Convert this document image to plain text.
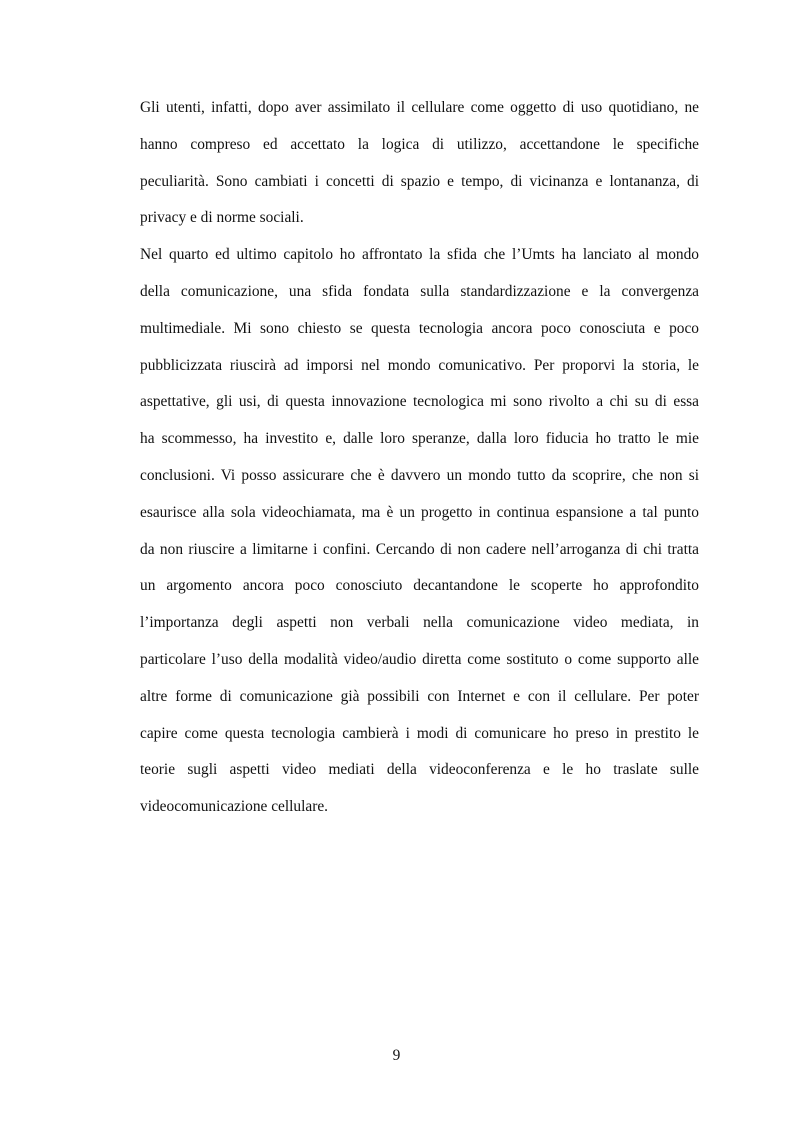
Gli utenti, infatti, dopo aver assimilato il cellulare come oggetto di uso quotidiano, ne
hanno compreso ed accettato la logica di utilizzo, accettandone le specifiche
peculiarità. Sono cambiati i concetti di spazio e tempo, di vicinanza e lontananza, di
privacy e di norme sociali.

Nel quarto ed ultimo capitolo ho affrontato la sfida che l’Umts ha lanciato al mondo
della comunicazione, una sfida fondata sulla standardizzazione e la convergenza
multimediale. Mi sono chiesto se questa tecnologia ancora poco conosciuta e poco
pubblicizzata riuscirà ad imporsi nel mondo comunicativo. Per proporvi la storia, le
aspettative, gli usi, di questa innovazione tecnologica mi sono rivolto a chi su di essa
ha scommesso, ha investito e, dalle loro speranze, dalla loro fiducia ho tratto le mie
conclusioni. Vi posso assicurare che è davvero un mondo tutto da scoprire, che non si
esaurisce alla sola videochiamata, ma è un progetto in continua espansione a tal punto
da non riuscire a limitarne i confini. Cercando di non cadere nell’arroganza di chi tratta
un argomento ancora poco conosciuto decantandone le scoperte ho approfondito
l’importanza degli aspetti non verbali nella comunicazione video mediata, in
particolare l’uso della modalità video/audio diretta come sostituto o come supporto alle
altre forme di comunicazione già possibili con Internet e con il cellulare. Per poter
capire come questa tecnologia cambierà i modi di comunicare ho preso in prestito le
teorie sugli aspetti video mediati della videoconferenza e le ho traslate sulle
videocomunicazione cellulare.

9
